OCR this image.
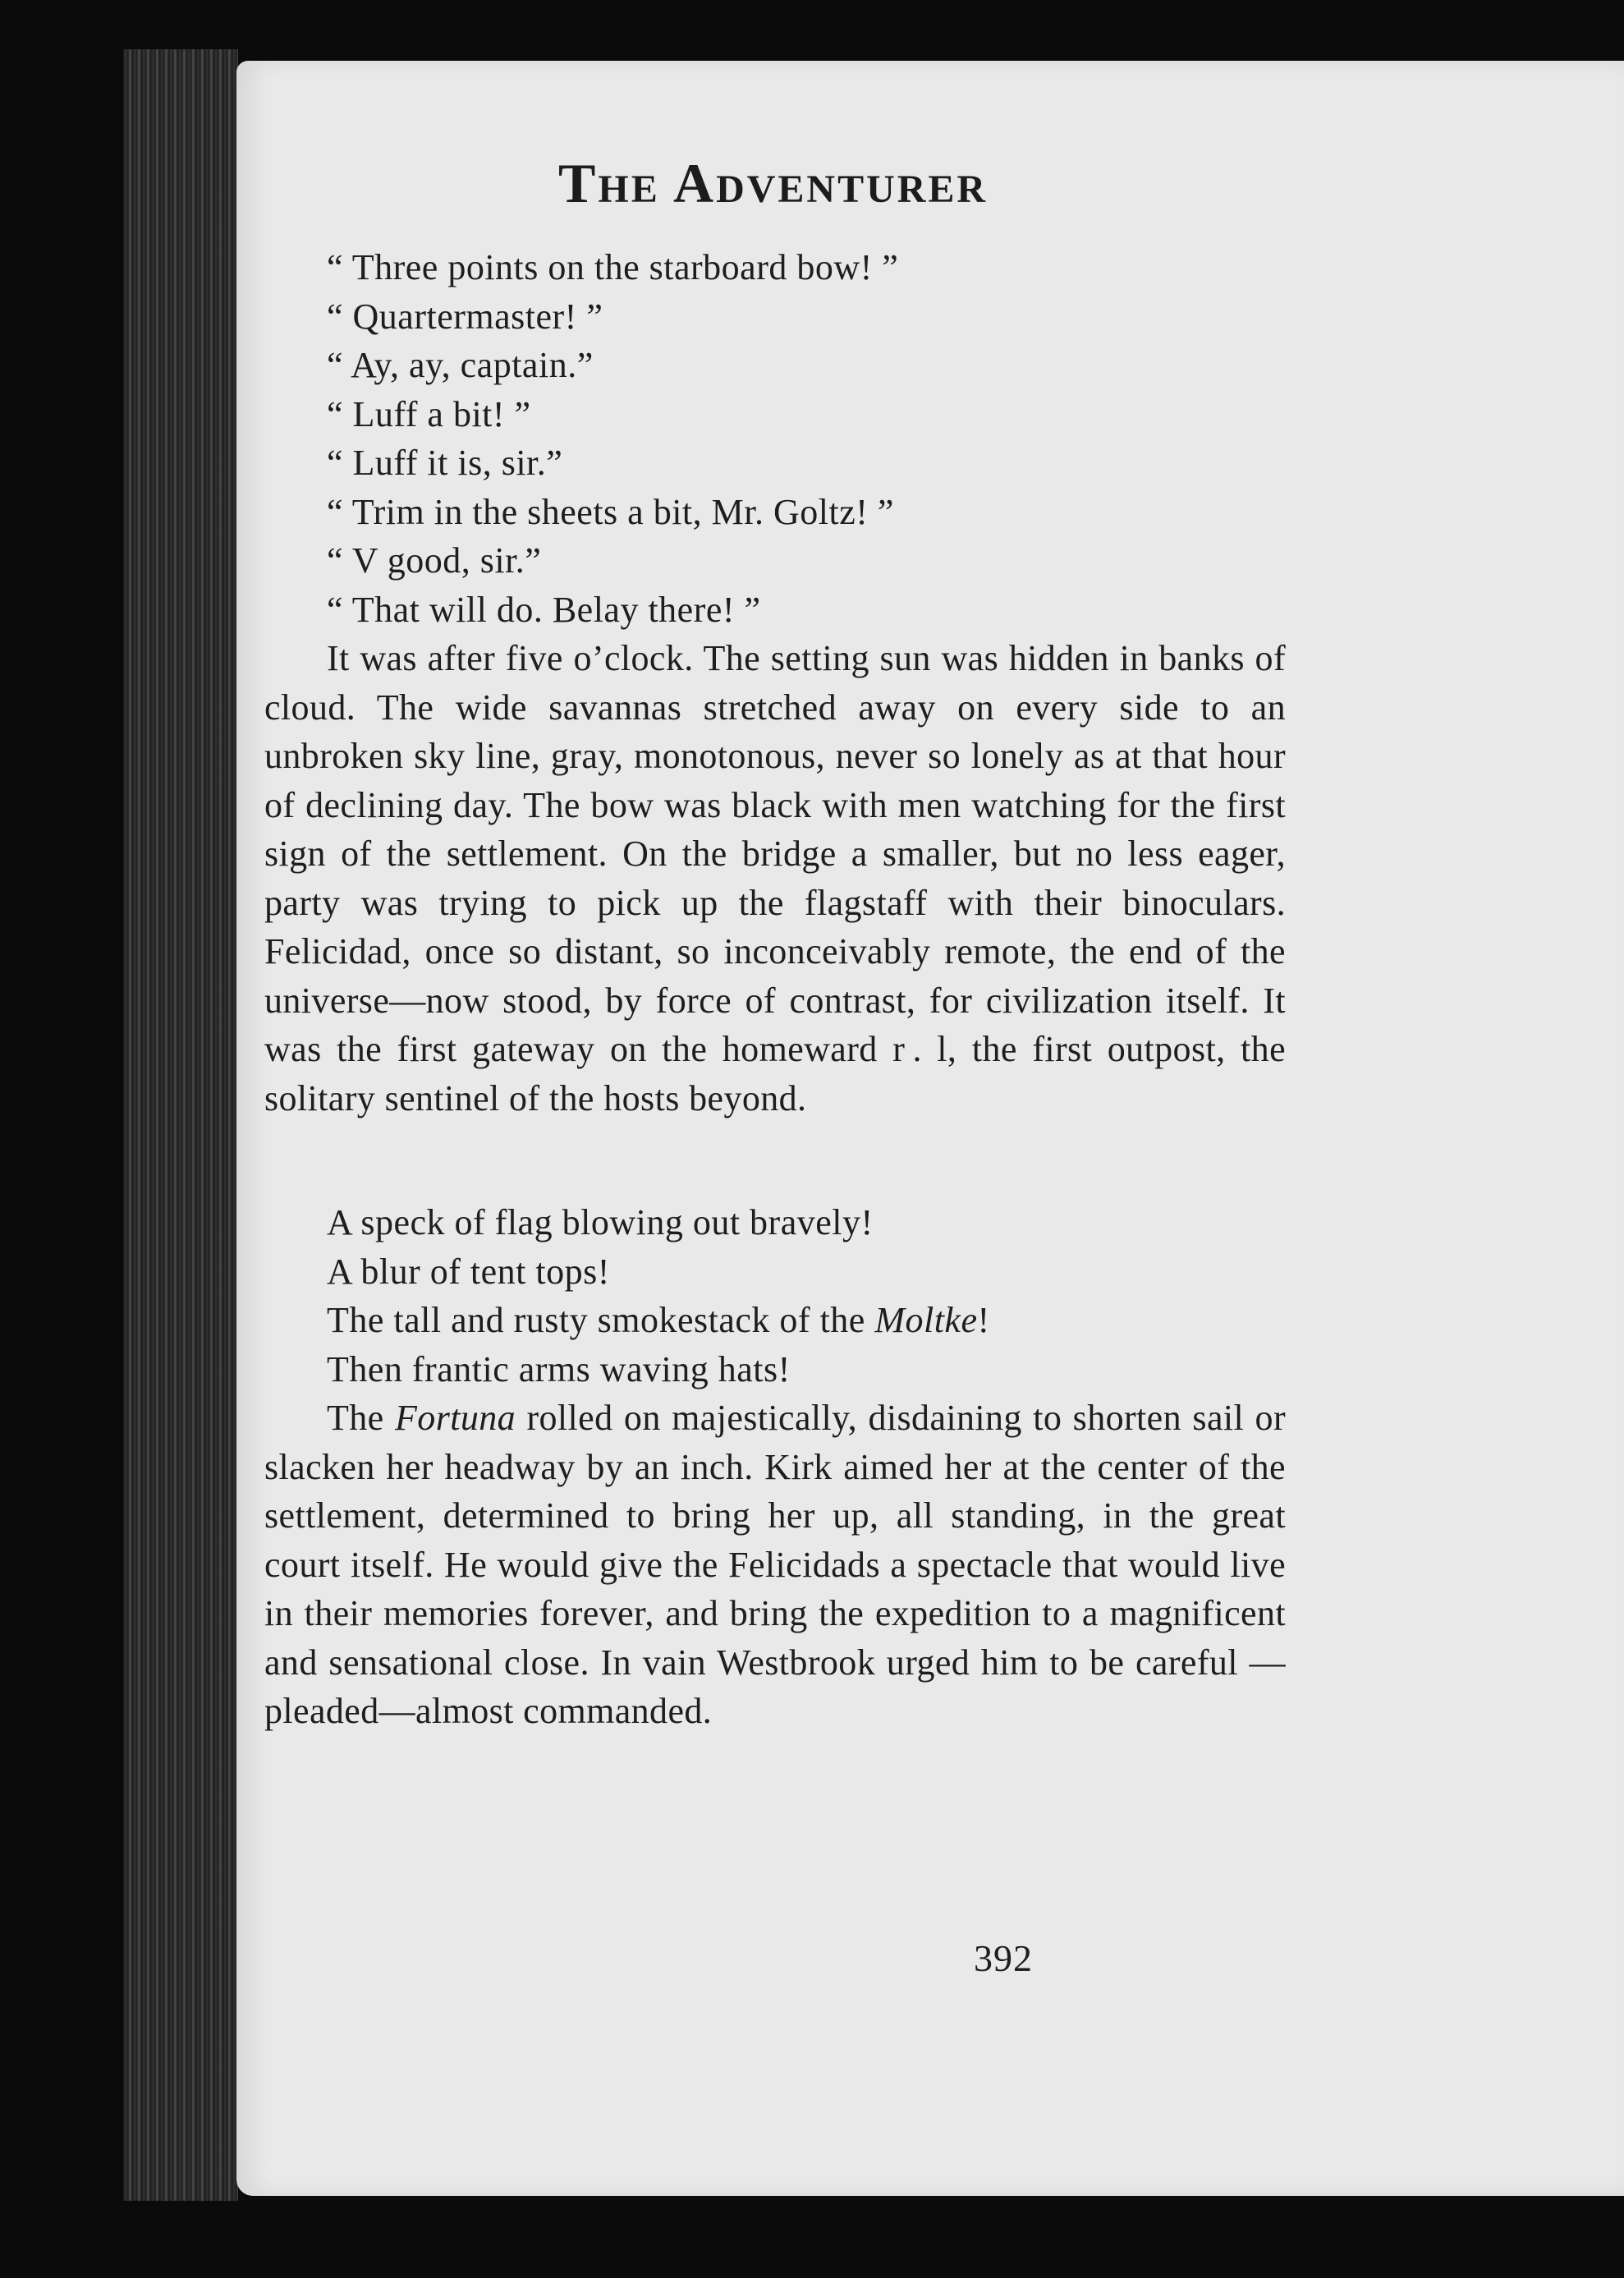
The Adventurer
“ Three points on the starboard bow! ”
“ Quartermaster! ”
“ Ay, ay, captain.”
“ Luff a bit! ”
“ Luff it is, sir.”
“ Trim in the sheets a bit, Mr. Goltz! ”
“ V good, sir.”
“ That will do. Belay there! ”

It was after five o’clock. The setting sun was hidden in banks of cloud. The wide savannas stretched away on every side to an unbroken sky line, gray, monotonous, never so lonely as at that hour of declining day. The bow was black with men watching for the first sign of the settlement. On the bridge a smaller, but no less eager, party was trying to pick up the flagstaff with their binoculars. Felicidad, once so distant, so inconceivably remote, the end of the universe—now stood, by force of contrast, for civilization itself. It was the first gateway on the homeward r .  l, the first outpost, the solitary sentinel of the hosts beyond.

A speck of flag blowing out bravely!
A blur of tent tops!
The tall and rusty smokestack of the Moltke!
Then frantic arms waving hats!

The Fortuna rolled on majestically, disdaining to shorten sail or slacken her headway by an inch. Kirk aimed her at the center of the settlement, determined to bring her up, all standing, in the great court itself. He would give the Felicidads a spectacle that would live in their memories forever, and bring the expedition to a magnificent and sensational close. In vain Westbrook urged him to be careful —pleaded—almost commanded.

392
